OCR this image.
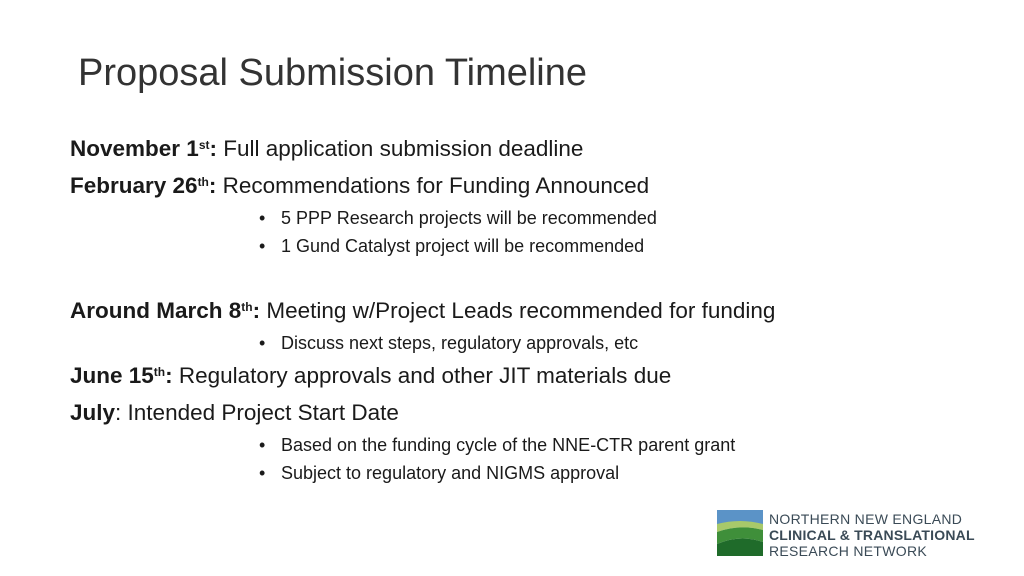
Proposal Submission Timeline
November 1st: Full application submission deadline
February 26th: Recommendations for Funding Announced
• 5 PPP Research projects will be recommended
• 1 Gund Catalyst project will be recommended
Around March 8th: Meeting w/Project Leads recommended for funding
• Discuss next steps, regulatory approvals, etc
June 15th: Regulatory approvals and other JIT materials due
July: Intended Project Start Date
• Based on the funding cycle of the NNE-CTR parent grant
• Subject to regulatory and NIGMS approval
NORTHERN NEW ENGLAND
CLINICAL & TRANSLATIONAL
RESEARCH NETWORK
